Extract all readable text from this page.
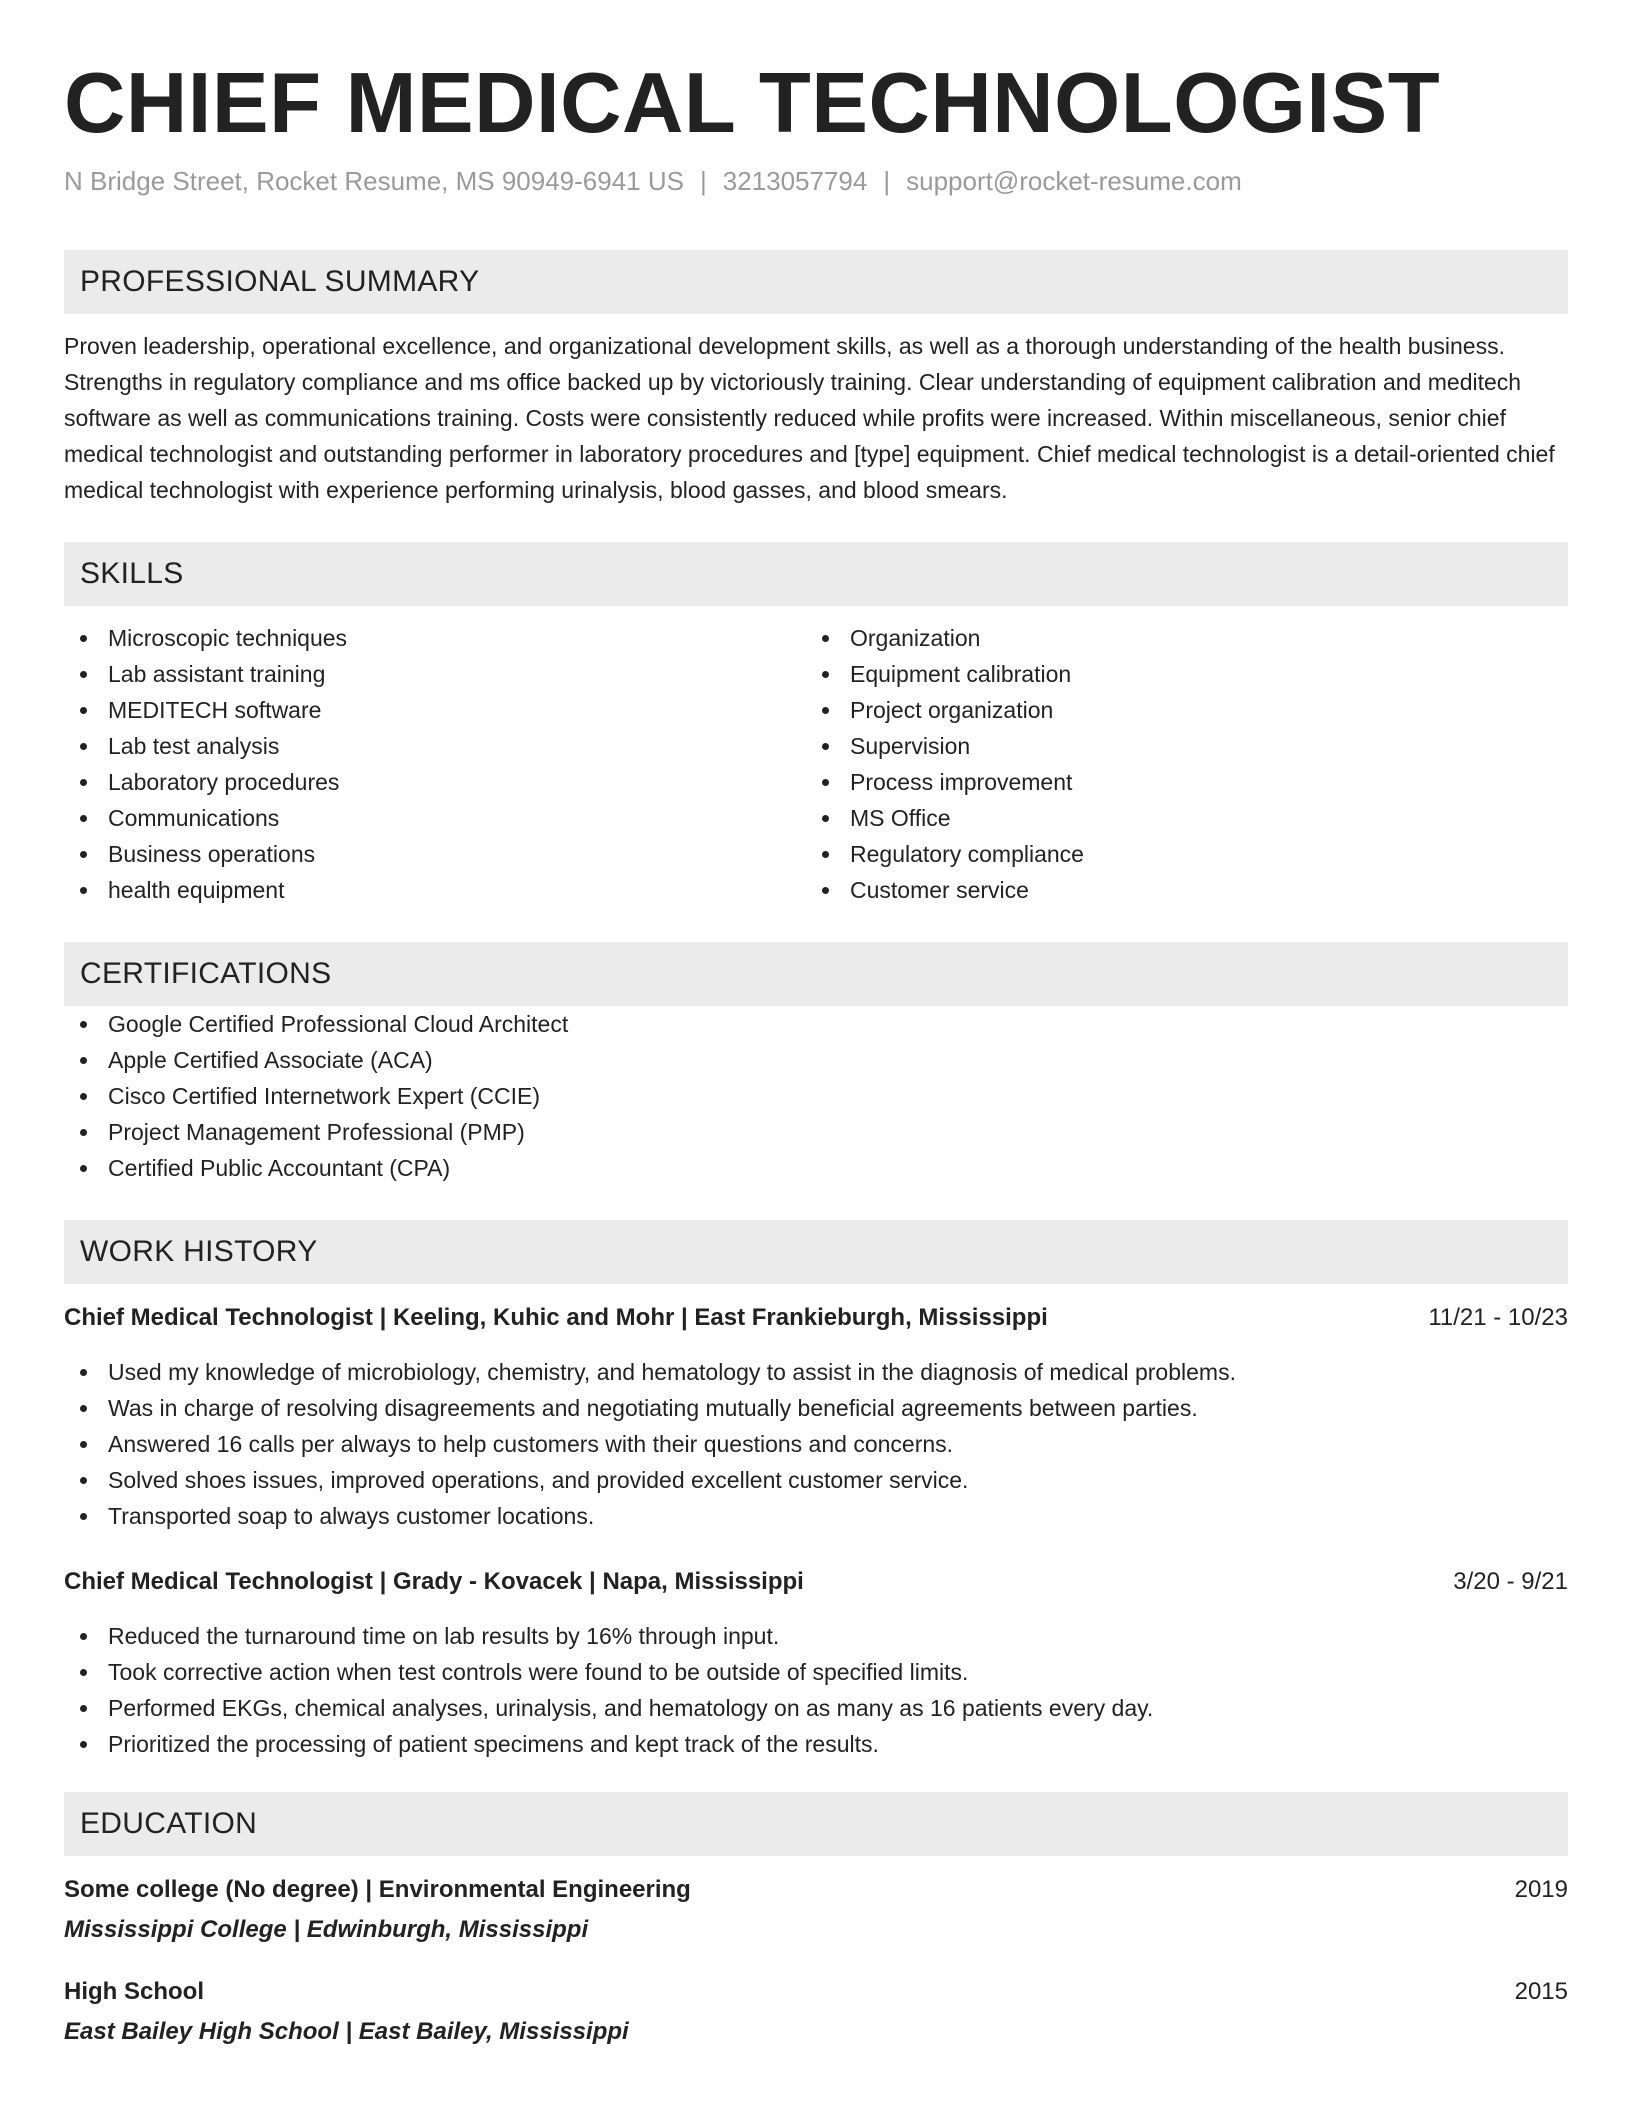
CHIEF MEDICAL TECHNOLOGIST
N Bridge Street, Rocket Resume, MS 90949-6941 US | 3213057794 | support@rocket-resume.com
PROFESSIONAL SUMMARY
Proven leadership, operational excellence, and organizational development skills, as well as a thorough understanding of the health business. Strengths in regulatory compliance and ms office backed up by victoriously training. Clear understanding of equipment calibration and meditech software as well as communications training. Costs were consistently reduced while profits were increased. Within miscellaneous, senior chief medical technologist and outstanding performer in laboratory procedures and [type] equipment. Chief medical technologist is a detail-oriented chief medical technologist with experience performing urinalysis, blood gasses, and blood smears.
SKILLS
Microscopic techniques
Lab assistant training
MEDITECH software
Lab test analysis
Laboratory procedures
Communications
Business operations
health equipment
Organization
Equipment calibration
Project organization
Supervision
Process improvement
MS Office
Regulatory compliance
Customer service
CERTIFICATIONS
Google Certified Professional Cloud Architect
Apple Certified Associate (ACA)
Cisco Certified Internetwork Expert (CCIE)
Project Management Professional (PMP)
Certified Public Accountant (CPA)
WORK HISTORY
Chief Medical Technologist | Keeling, Kuhic and Mohr | East Frankieburgh, Mississippi	11/21 - 10/23
Used my knowledge of microbiology, chemistry, and hematology to assist in the diagnosis of medical problems.
Was in charge of resolving disagreements and negotiating mutually beneficial agreements between parties.
Answered 16 calls per always to help customers with their questions and concerns.
Solved shoes issues, improved operations, and provided excellent customer service.
Transported soap to always customer locations.
Chief Medical Technologist | Grady - Kovacek | Napa, Mississippi	3/20 - 9/21
Reduced the turnaround time on lab results by 16% through input.
Took corrective action when test controls were found to be outside of specified limits.
Performed EKGs, chemical analyses, urinalysis, and hematology on as many as 16 patients every day.
Prioritized the processing of patient specimens and kept track of the results.
EDUCATION
Some college (No degree) | Environmental Engineering	2019
Mississippi College | Edwinburgh, Mississippi
High School	2015
East Bailey High School | East Bailey, Mississippi
